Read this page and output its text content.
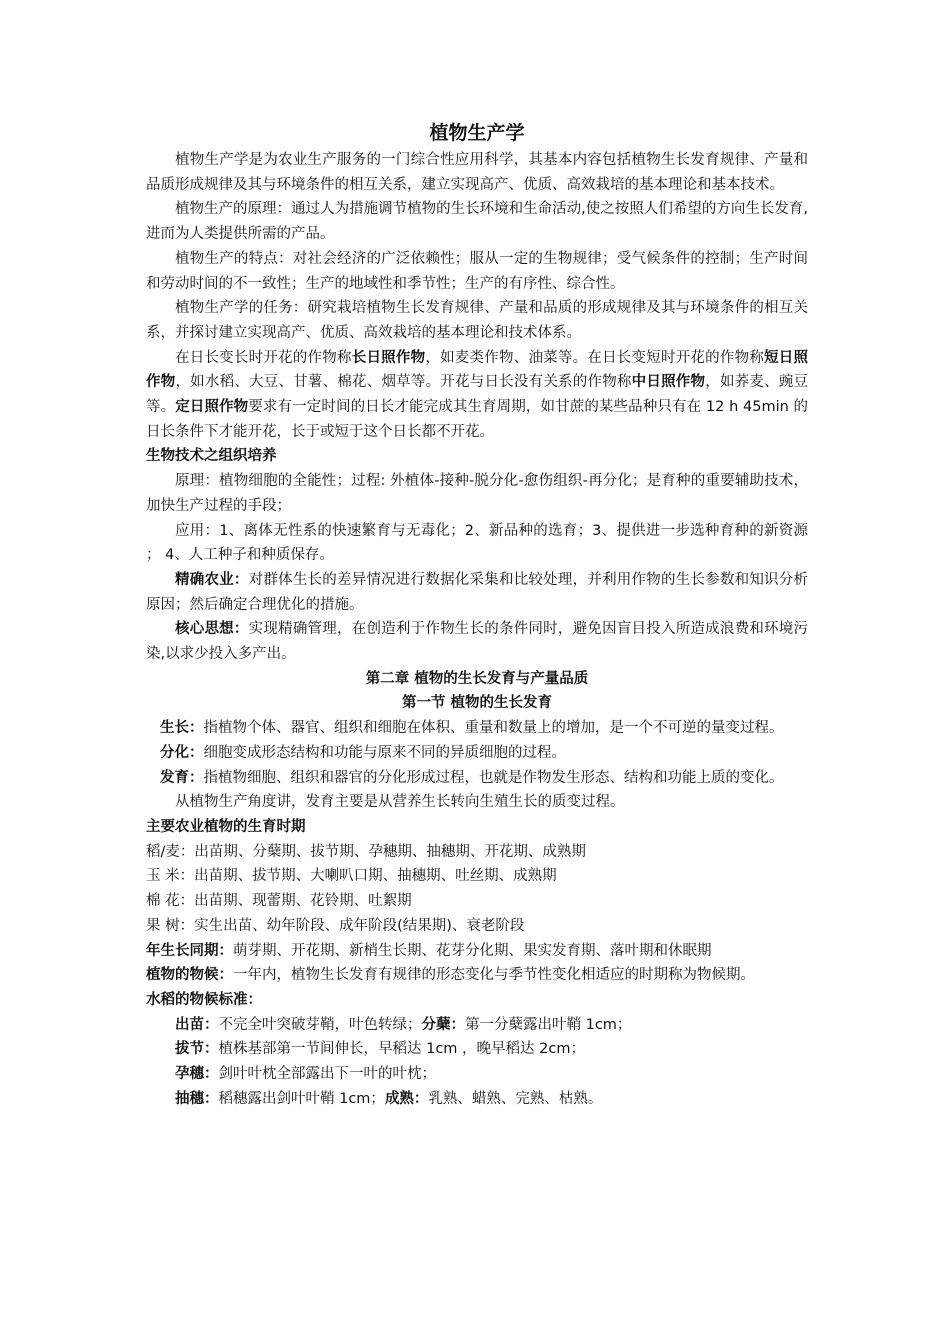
植物生产学

植物生产学是为农业生产服务的一门综合性应用科学，其基本内容包括植物生长发育规律、产量和品质形成规律及其与环境条件的相互关系，建立实现高产、优质、高效栽培的基本理论和基本技术。

植物生产的原理：通过人为措施调节植物的生长环境和生命活动,使之按照人们希望的方向生长发育,进而为人类提供所需的产品。

植物生产的特点：对社会经济的广泛依赖性；服从一定的生物规律；受气候条件的控制；生产时间和劳动时间的不一致性；生产的地域性和季节性；生产的有序性、综合性。

植物生产学的任务：研究栽培植物生长发育规律、产量和品质的形成规律及其与环境条件的相互关系，并探讨建立实现高产、优质、高效栽培的基本理论和技术体系。

在日长变长时开花的作物称长日照作物，如麦类作物、油菜等。在日长变短时开花的作物称短日照作物，如水稻、大豆、甘薯、棉花、烟草等。开花与日长没有关系的作物称中日照作物，如荞麦、豌豆等。定日照作物要求有一定时间的日长才能完成其生育周期，如甘蔗的某些品种只有在 12 h 45min 的日长条件下才能开花，长于或短于这个日长都不开花。

生物技术之组织培养

原理：植物细胞的全能性；过程: 外植体-接种-脱分化-愈伤组织-再分化；是育种的重要辅助技术，加快生产过程的手段；

应用：1、离体无性系的快速繁育与无毒化；2、新品种的选育；3、提供进一步选种育种的新资源 ； 4、人工种子和种质保存。

精确农业：对群体生长的差异情况进行数据化采集和比较处理，并利用作物的生长参数和知识分析原因；然后确定合理优化的措施。

核心思想：实现精确管理，在创造利于作物生长的条件同时，避免因盲目投入所造成浪费和环境污染,以求少投入多产出。

第二章 植物的生长发育与产量品质

第一节 植物的生长发育

生长：指植物个体、器官、组织和细胞在体积、重量和数量上的增加，是一个不可逆的量变过程。

分化：细胞变成形态结构和功能与原来不同的异质细胞的过程。

发育：指植物细胞、组织和器官的分化形成过程，也就是作物发生形态、结构和功能上质的变化。

从植物生产角度讲，发育主要是从营养生长转向生殖生长的质变过程。

主要农业植物的生育时期

稻/麦：出苗期、分蘖期、拔节期、孕穗期、抽穗期、开花期、成熟期

玉 米：出苗期、拔节期、大喇叭口期、抽穗期、吐丝期、成熟期

棉 花：出苗期、现蕾期、花铃期、吐絮期

果 树：实生出苗、幼年阶段、成年阶段(结果期)、衰老阶段

年生长同期：萌芽期、开花期、新梢生长期、花芽分化期、果实发育期、落叶期和休眠期

植物的物候：一年内，植物生长发育有规律的形态变化与季节性变化相适应的时期称为物候期。

水稻的物候标准：

出苗：不完全叶突破芽鞘，叶色转绿；分蘖：第一分蘖露出叶鞘 1cm；

拔节：植株基部第一节间伸长，早稻达 1cm ，晚早稻达 2cm；

孕穗：剑叶叶枕全部露出下一叶的叶枕；

抽穗：稻穗露出剑叶叶鞘 1cm；成熟：乳熟、蜡熟、完熟、枯熟。
